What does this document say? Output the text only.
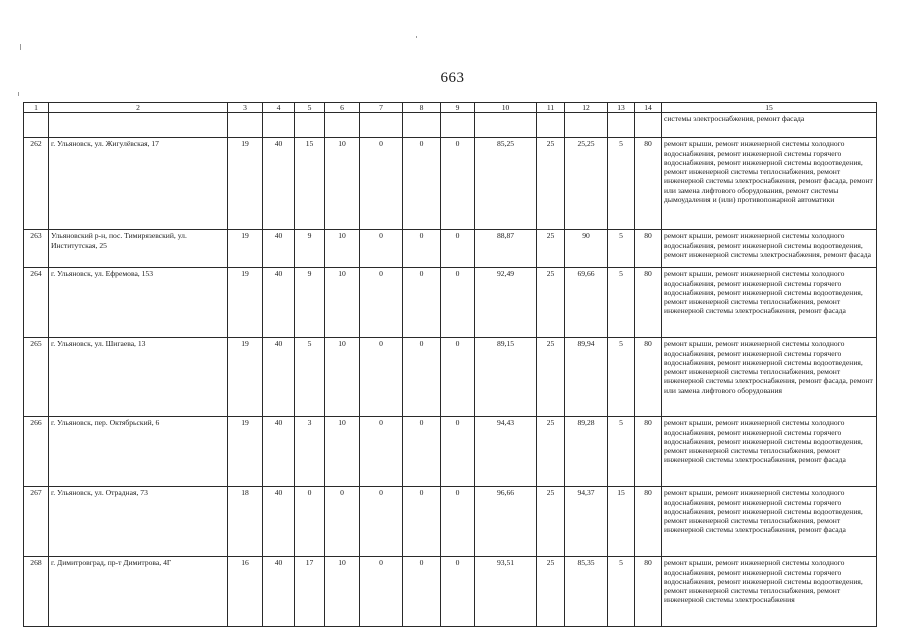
663
1	2	3	4	5	6	7	8	9	10	11	12	13	14	15
														системы электроснабжения, ремонт фасада
262	г. Ульяновск, ул. Жигулёвская, 17	19	40	15	10	0	0	0	85,25	25	25,25	5	80	ремонт крыши, ремонт инженерной системы холодного водоснабжения, ремонт инженерной системы горячего водоснабжения, ремонт инженерной системы водоотведения, ремонт инженерной системы теплоснабжения, ремонт инженерной системы электроснабжения, ремонт фасада, ремонт или замена лифтового оборудования, ремонт системы дымоудаления и (или) противопожарной автоматики
263	Ульяновский р-н, пос. Тимирязевский, ул. Институтская, 25	19	40	9	10	0	0	0	88,87	25	90	5	80	ремонт крыши, ремонт инженерной системы холодного водоснабжения, ремонт инженерной системы водоотведения, ремонт инженерной системы электроснабжения, ремонт фасада
264	г. Ульяновск, ул. Ефремова, 153	19	40	9	10	0	0	0	92,49	25	69,66	5	80	ремонт крыши, ремонт инженерной системы холодного водоснабжения, ремонт инженерной системы горячего водоснабжения, ремонт инженерной системы водоотведения, ремонт инженерной системы теплоснабжения, ремонт инженерной системы электроснабжения, ремонт фасада
265	г. Ульяновск, ул. Шигаева, 13	19	40	5	10	0	0	0	89,15	25	89,94	5	80	ремонт крыши, ремонт инженерной системы холодного водоснабжения, ремонт инженерной системы горячего водоснабжения, ремонт инженерной системы водоотведения, ремонт инженерной системы теплоснабжения, ремонт инженерной системы электроснабжения, ремонт фасада, ремонт или замена лифтового оборудования
266	г. Ульяновск, пер. Октябрьский, 6	19	40	3	10	0	0	0	94,43	25	89,28	5	80	ремонт крыши, ремонт инженерной системы холодного водоснабжения, ремонт инженерной системы горячего водоснабжения, ремонт инженерной системы водоотведения, ремонт инженерной системы теплоснабжения, ремонт инженерной системы электроснабжения, ремонт фасада
267	г. Ульяновск, ул. Отрадная, 73	18	40	0	0	0	0	0	96,66	25	94,37	15	80	ремонт крыши, ремонт инженерной системы холодного водоснабжения, ремонт инженерной системы горячего водоснабжения, ремонт инженерной системы водоотведения, ремонт инженерной системы теплоснабжения, ремонт инженерной системы электроснабжения, ремонт фасада
268	г. Димитровград, пр-т Димитрова, 4Г	16	40	17	10	0	0	0	93,51	25	85,35	5	80	ремонт крыши, ремонт инженерной системы холодного водоснабжения, ремонт инженерной системы горячего водоснабжения, ремонт инженерной системы водоотведения, ремонт инженерной системы теплоснабжения, ремонт инженерной системы электроснабжения
